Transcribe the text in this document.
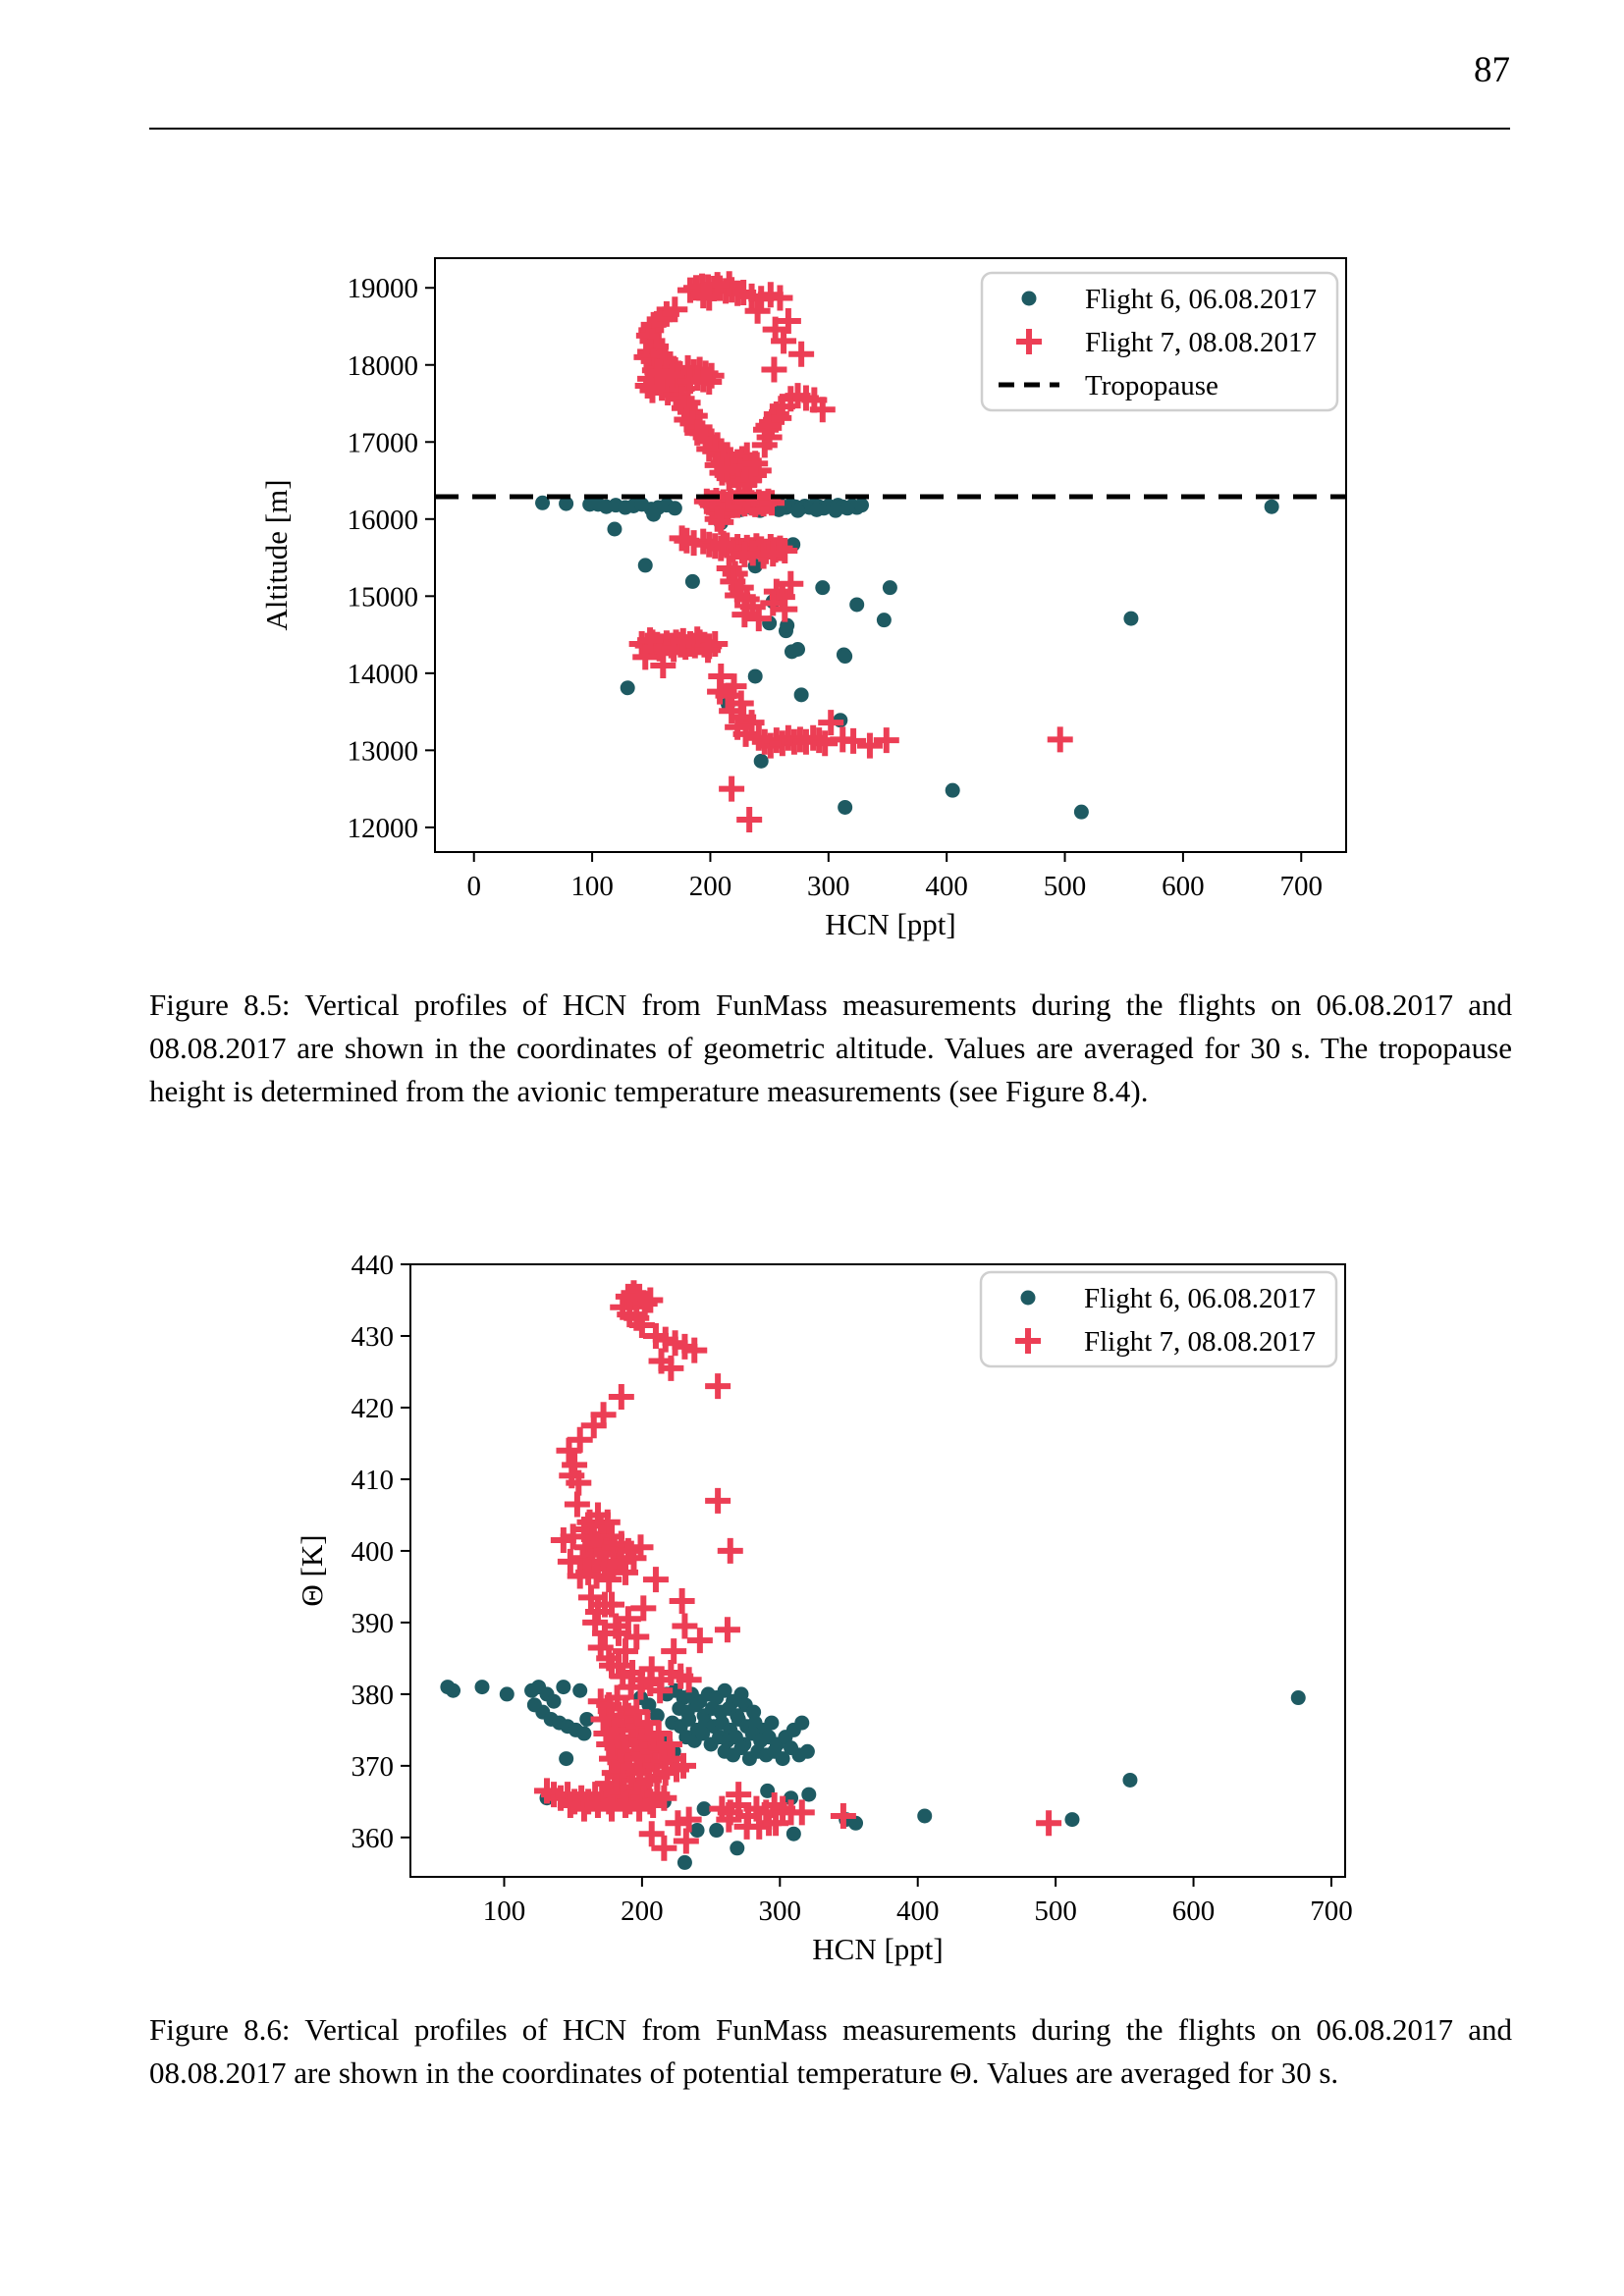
87
0	100	200	300	400	500	600	700
12000
13000
14000
15000
16000
17000
18000
19000
HCN [ppt]
Altitude [m]
Flight 6, 06.08.2017
Flight 7, 08.08.2017
Tropopause
Figure 8.5: Vertical profiles of HCN from FunMass measurements during the flights on 06.08.2017 and 08.08.2017 are shown in the coordinates of geometric altitude. Values are averaged for 30 s. The tropopause height is determined from the avionic temperature measurements (see Figure 8.4).
100	200	300	400	500	600	700
360
370
380
390
400
410
420
430
440
HCN [ppt]
Θ [K]
Flight 6, 06.08.2017
Flight 7, 08.08.2017
Figure 8.6: Vertical profiles of HCN from FunMass measurements during the flights on 06.08.2017 and 08.08.2017 are shown in the coordinates of potential temperature Θ. Values are averaged for 30 s.
